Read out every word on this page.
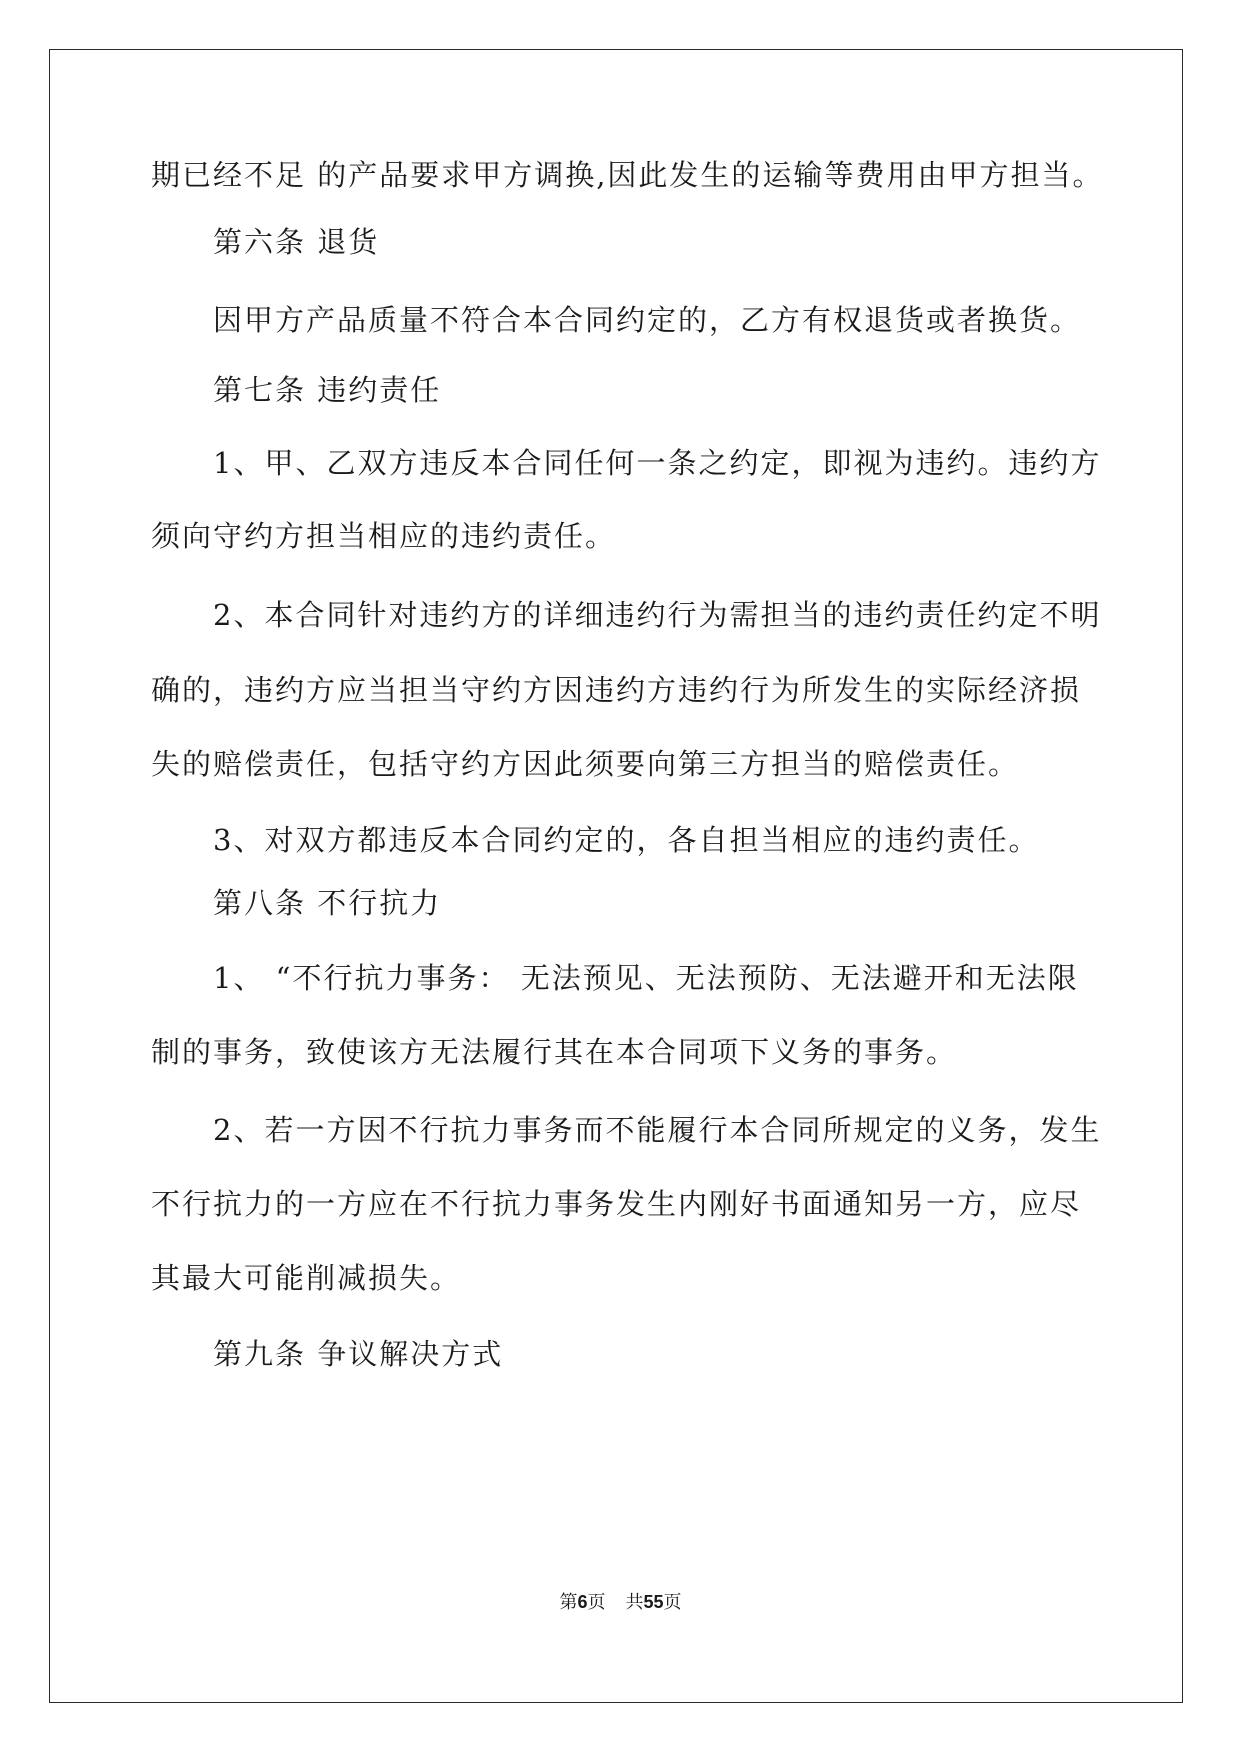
期已经不足 的产品要求甲方调换,因此发生的运输等费用由甲方担当。

第六条 退货

因甲方产品质量不符合本合同约定的，乙方有权退货或者换货。

第七条 违约责任

1、甲、乙双方违反本合同任何一条之约定，即视为违约。违约方

须向守约方担当相应的违约责任。

2、本合同针对违约方的详细违约行为需担当的违约责任约定不明

确的，违约方应当担当守约方因违约方违约行为所发生的实际经济损

失的赔偿责任，包括守约方因此须要向第三方担当的赔偿责任。

3、对双方都违反本合同约定的，各自担当相应的违约责任。

第八条 不行抗力

1、 “不行抗力事务： 无法预见、无法预防、无法避开和无法限

制的事务，致使该方无法履行其在本合同项下义务的事务。

2、若一方因不行抗力事务而不能履行本合同所规定的义务，发生

不行抗力的一方应在不行抗力事务发生内刚好书面通知另一方，应尽

其最大可能削减损失。

第九条 争议解决方式

第6页 共55页
